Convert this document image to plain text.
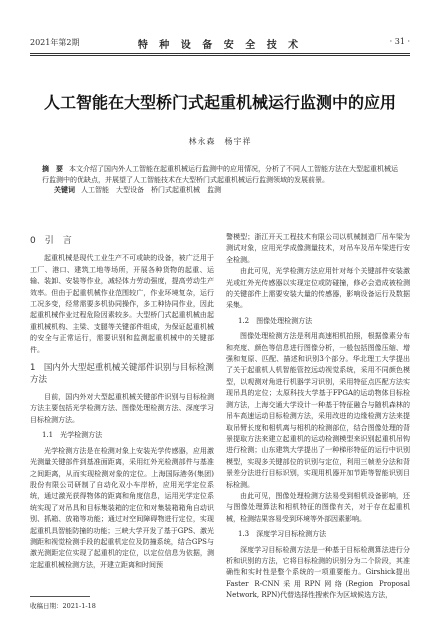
2021年第2期	特 种 设 备 安 全 技 术	· 31 ·
人工智能在大型桥门式起重机械运行监测中的应用
林永森　杨宇祥
摘　要 本文介绍了国内外人工智能在起重机械运行监测中的应用情况，分析了不同人工智能方法在大型起重机械运行监测中的优缺点，并展望了人工智能技术在大型桥门式起重机械运行监测领域的发展前景。
关键词 人工智能　大型设备　桥门式起重机械　监测
0　引　言

起重机械是现代工业生产不可或缺的设备，被广泛用于工厂、港口、建筑工地等场所，开展各种货物的起重、运输、装卸、安装等作业，减轻体力劳动强度，提高劳动生产效率。但由于起重机械作业范围较广，作业环境复杂，运行工况多变，经常需要多机协同操作，多工种协同作业，因此起重机械作业过程危险因素较多。大型桥门式起重机械由起重机械机构、主梁、支腿等关键部件组成，为保证起重机械的安全与正常运行，需要识别和监测起重机械中的关键部件。

1　国内外大型起重机械关键部件识别与目标检测方法

目前，国内外对大型起重机械关键部件识别与目标检测方法主要包括光学检测方法、图像处理检测方法、深度学习目标检测方法。

1.1　光学检测方法

光学检测方法是在检测对象上安装光学传感器，应用激光测量关键部件到基准面距离，采用红外光检测部件与基准之间距离，从而实现检测对象的定位。上海国际港务(集团)股份有限公司研制了自动化双小车岸桥，应用光学定位系统，通过激光获得物体的距离和角度信息，运用光学定位系统实现了对吊具和目标集装箱的定位和对集装箱箱角自动识别、抓箱、放箱等功能；通过对空间障碍物进行定位，实现起重机具智能防撞的功能；三峡大学开发了基于GPS、激光测距和视觉检测手段的起重机定位及防撞系统，结合GPS与激光测距定位实现了起重机的定位，以定位信息为依据，测定起重机械检测方法，开建立距离和时间预

警模型；浙江开天工程技术有限公司以机械制造厂吊车梁为测试对象，应用光学成像测量技术，对吊车及吊车梁进行安全检测。

由此可见，光学检测方法应用针对每个关键部件安装激光或红外光传感器以实现定位或防碰撞，修必会造成被检测的关键部件上需要安装大量的传感器，影响设备运行及数据采集。

1.2　图像处理检测方法

图像处理检测方法是利用高速相机拍照，根据像素分布和亮度、颜色等信息进行图像分析，一般包括图像压缩、增强和复原、匹配、描述和识别3个部分。华北理工大学提出了关于起重机人机智能管控远动视觉系统，采用不同颜色模型，以观测对角进行机器学习识别，采用特征点匹配方法实现吊具的定位；太原科技大学基于FPGA的运动物体目标检测方法，上海交通大学设计一种基于特征融合与随机森林的吊车高速运动目标检测方法，采用改进的边缘检测方法来提取吊臂长度和相机离与相机的检测部位，结合图像处理的背景提取方法来建立起重机的运动检测模型来识别起重机吊钩进行检测；山东建筑大学提出了一种梯形特征的运行中识别模型，实现多关键部位的识别与定位，利用三帧差分法和背景差分法进行目标识别，实现用机器开加节距等智能识别目标检测。

由此可见，图像处理检测方法易受到相机设备影响，还与图像处理算法和相机特征的图像有关，对于存在起重机械，检测结果容易受到环境等外部因素影响。

1.3　深度学习目标检测方法

深度学习目标检测方法是一种基于目标检测算法进行分析和识别的方法，它将目标检测的识别分为二个阶段，其准确性和实时性是整个系统的一项重要能力。Girshick提出Faster R-CNN采用RPN网络(Region Proposal Network, RPN)代替选择性搜索作为区域候选方法，

收稿日期：2021-1-18
